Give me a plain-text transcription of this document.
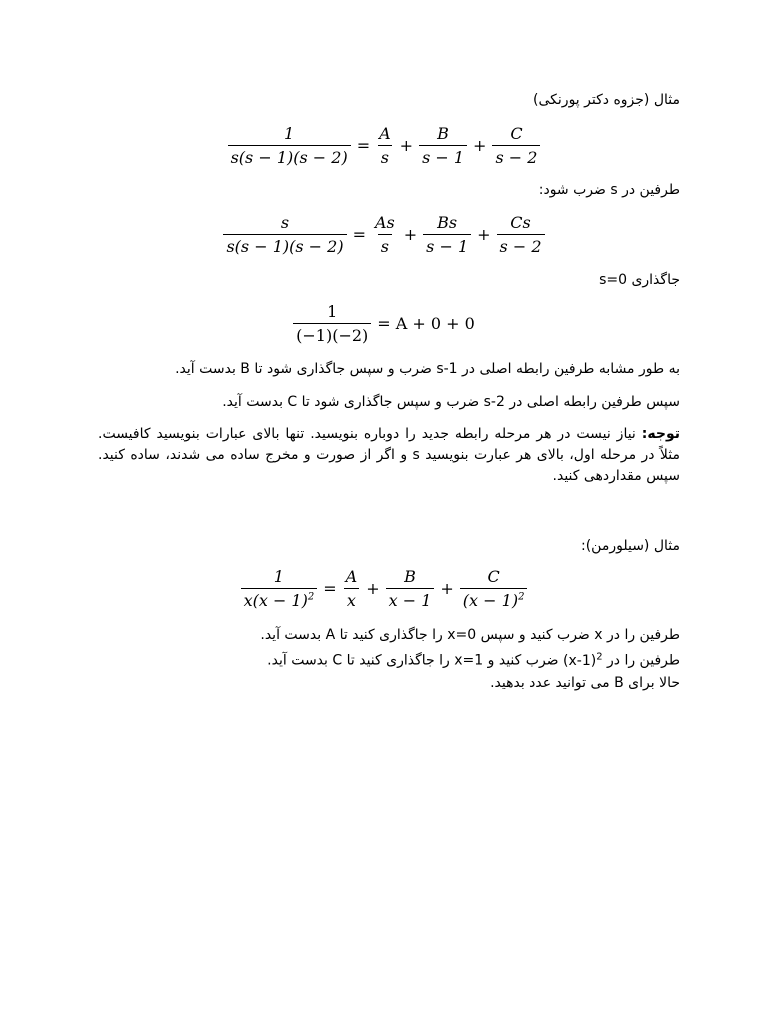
مثال (جزوه دکتر پورنکی)
$\frac{1}{s(s - 1)(s - 2)} = \frac{A}{s} + \frac{B}{s - 1} + \frac{C}{s - 2}$
طرفین در s ضرب شود:
$\frac{s}{s(s - 1)(s - 2)} = \frac{As}{s} + \frac{Bs}{s - 1} + \frac{Cs}{s - 2}$
جاگذاری s=0
$\frac{1}{(-1)(-2)} = A + 0 + 0$
به طور مشابه طرفین رابطه اصلی در s-1 ضرب و سپس جاگذاری شود تا B بدست آید.
سپس طرفین رابطه اصلی در s-2 ضرب و سپس جاگذاری شود تا C بدست آید.
توجه: نیاز نیست در هر مرحله رابطه جدید را دوباره بنویسید. تنها بالای عبارات بنویسید کافیست. مثلاً در مرحله اول، بالای هر عبارت بنویسید s و اگر از صورت و مخرج ساده می شدند، ساده کنید. سپس مقداردهی کنید.
مثال (سیلورمن):
$\frac{1}{x(x - 1)^2} = \frac{A}{x} + \frac{B}{x - 1} + \frac{C}{(x - 1)^2}$
طرفین را در x ضرب کنید و سپس x=0 را جاگذاری کنید تا A بدست آید.
طرفین را در $(x-1)^2$ ضرب کنید و x=1 را جاگذاری کنید تا C بدست آید.
حالا برای B می توانید عدد بدهید.
